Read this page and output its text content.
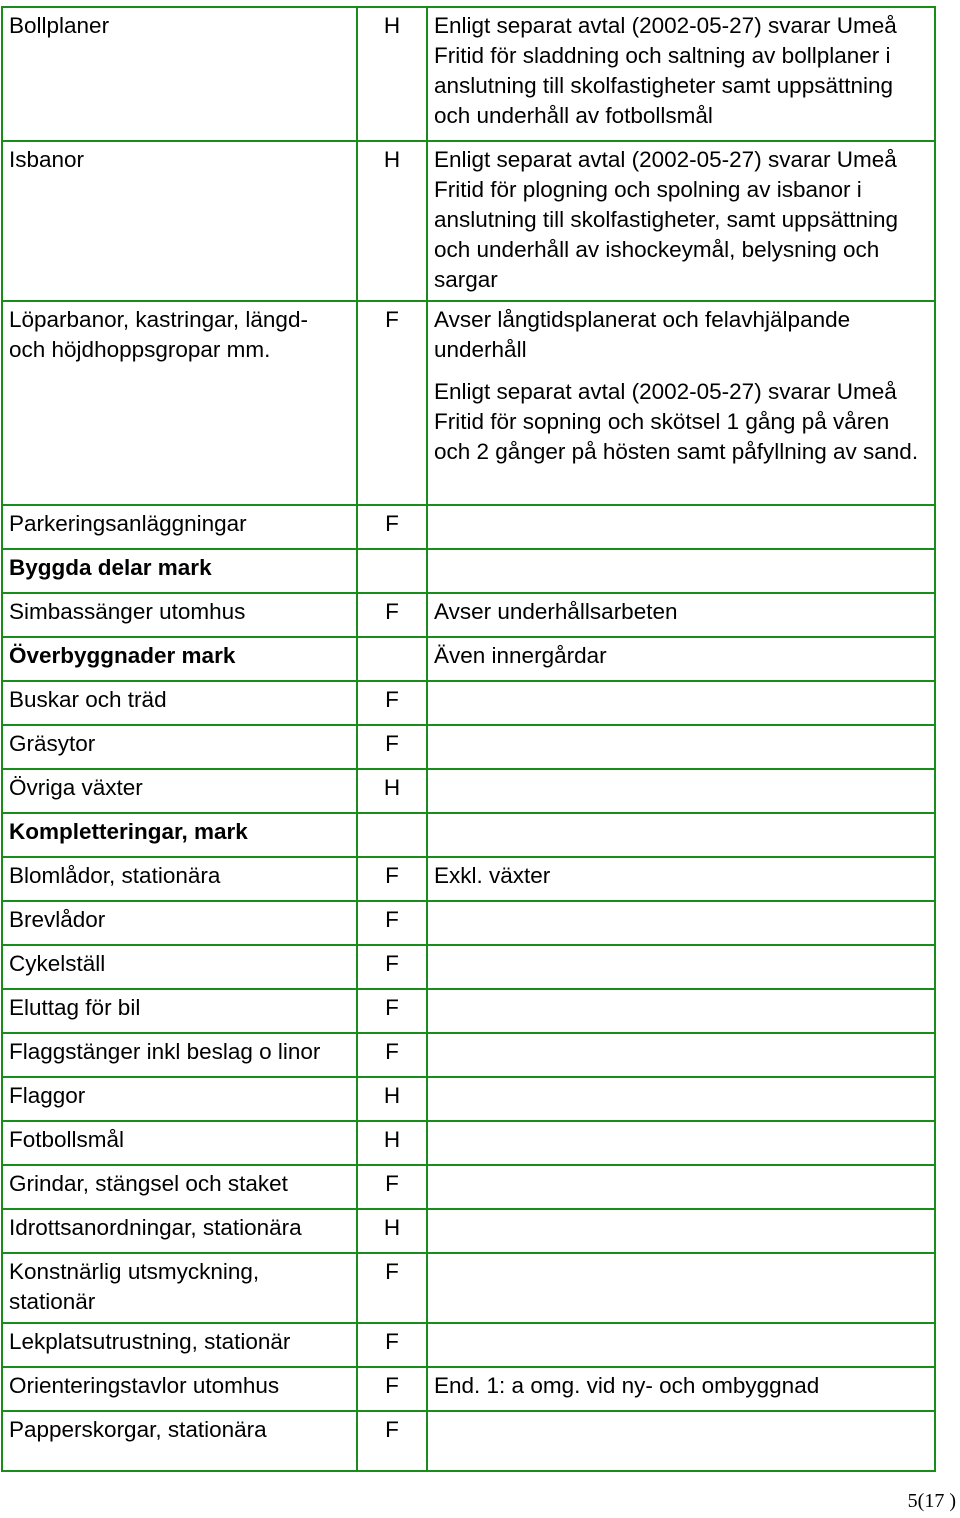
Bollplaner	H	Enligt separat avtal (2002-05-27) svarar Umeå Fritid för sladdning och saltning av bollplaner i anslutning till skolfastigheter samt uppsättning och underhåll av fotbollsmål

Isbanor	H	Enligt separat avtal (2002-05-27) svarar Umeå Fritid för plogning och spolning av isbanor i anslutning till skolfastigheter, samt uppsättning och underhåll av ishockeymål, belysning och sargar

Löparbanor, kastringar, längd- och höjdhoppsgropar mm.	F	Avser långtidsplanerat och felavhjälpande underhåll
Enligt separat avtal (2002-05-27) svarar Umeå Fritid för sopning och skötsel 1 gång på våren och 2 gånger på hösten samt påfyllning av sand.

Parkeringsanläggningar	F	
Byggda delar mark		
Simbassänger utomhus	F	Avser underhållsarbeten

Överbyggnader mark		Även innergårdar

Buskar och träd	F	
Gräsytor	F	
Övriga växter	H	
Kompletteringar, mark		
Blomlådor, stationära	F	Exkl. växter

Brevlådor	F	
Cykelställ	F	
Eluttag för bil	F	
Flaggstänger inkl beslag o linor	F	
Flaggor	H	
Fotbollsmål	H	
Grindar, stängsel och staket	F	
Idrottsanordningar, stationära	H	
Konstnärlig utsmyckning, stationär	F	
Lekplatsutrustning, stationär	F	
Orienteringstavlor utomhus	F	End. 1: a omg. vid ny- och ombyggnad

Papperskorgar, stationära	F	
5(17 )
